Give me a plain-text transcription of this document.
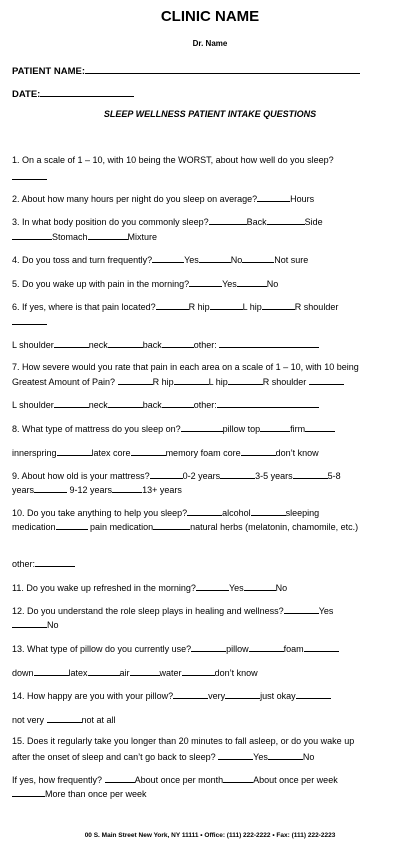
CLINIC NAME
Dr. Name
PATIENT NAME:
DATE:
SLEEP WELLNESS PATIENT INTAKE QUESTIONS
1. On a scale of 1 – 10, with 10 being the WORST, about how well do you sleep?
2. About how many hours per night do you sleep on average?	Hours
3. In what body position do you commonly sleep?	Back	Side
Stomach	Mixture
4. Do you toss and turn frequently?	Yes	No	Not sure
5. Do you wake up with pain in the morning?	Yes	No
6. If yes, where is that pain located?	R hip	L hip	R shoulder
L shoulder	neck	back	other:
7. How severe would you rate that pain in each area on a scale of 1 – 10, with 10 being
Greatest Amount of Pain?	R hip	L hip	R shoulder
L shoulder	neck	back	other:
8. What type of mattress do you sleep on?	pillow top	firm
innerspring	latex core	memory foam core	don’t know
9. About how old is your mattress?	0-2 years	3-5 years	5-8
years	9-12 years	13+ years
10. Do you take anything to help you sleep?	alcohol	sleeping
medication	pain medication	natural herbs (melatonin, chamomile, etc.)
other:
11. Do you wake up refreshed in the morning?	Yes	No
12. Do you understand the role sleep plays in healing and wellness?	Yes
No
13. What type of pillow do you currently use?	pillow	foam
down	latex	air	water	don’t know
14. How happy are you with your pillow?	very	just okay
not very	not at all
15. Does it regularly take you longer than 20 minutes to fall asleep, or do you wake up
after the onset of sleep and can’t go back to sleep?	Yes	No
If yes, how frequently?	About once per month	About once per week
More than once per week
00 S. Main Street New York, NY 11111 • Office: (111) 222-2222 • Fax: (111) 222-2223
